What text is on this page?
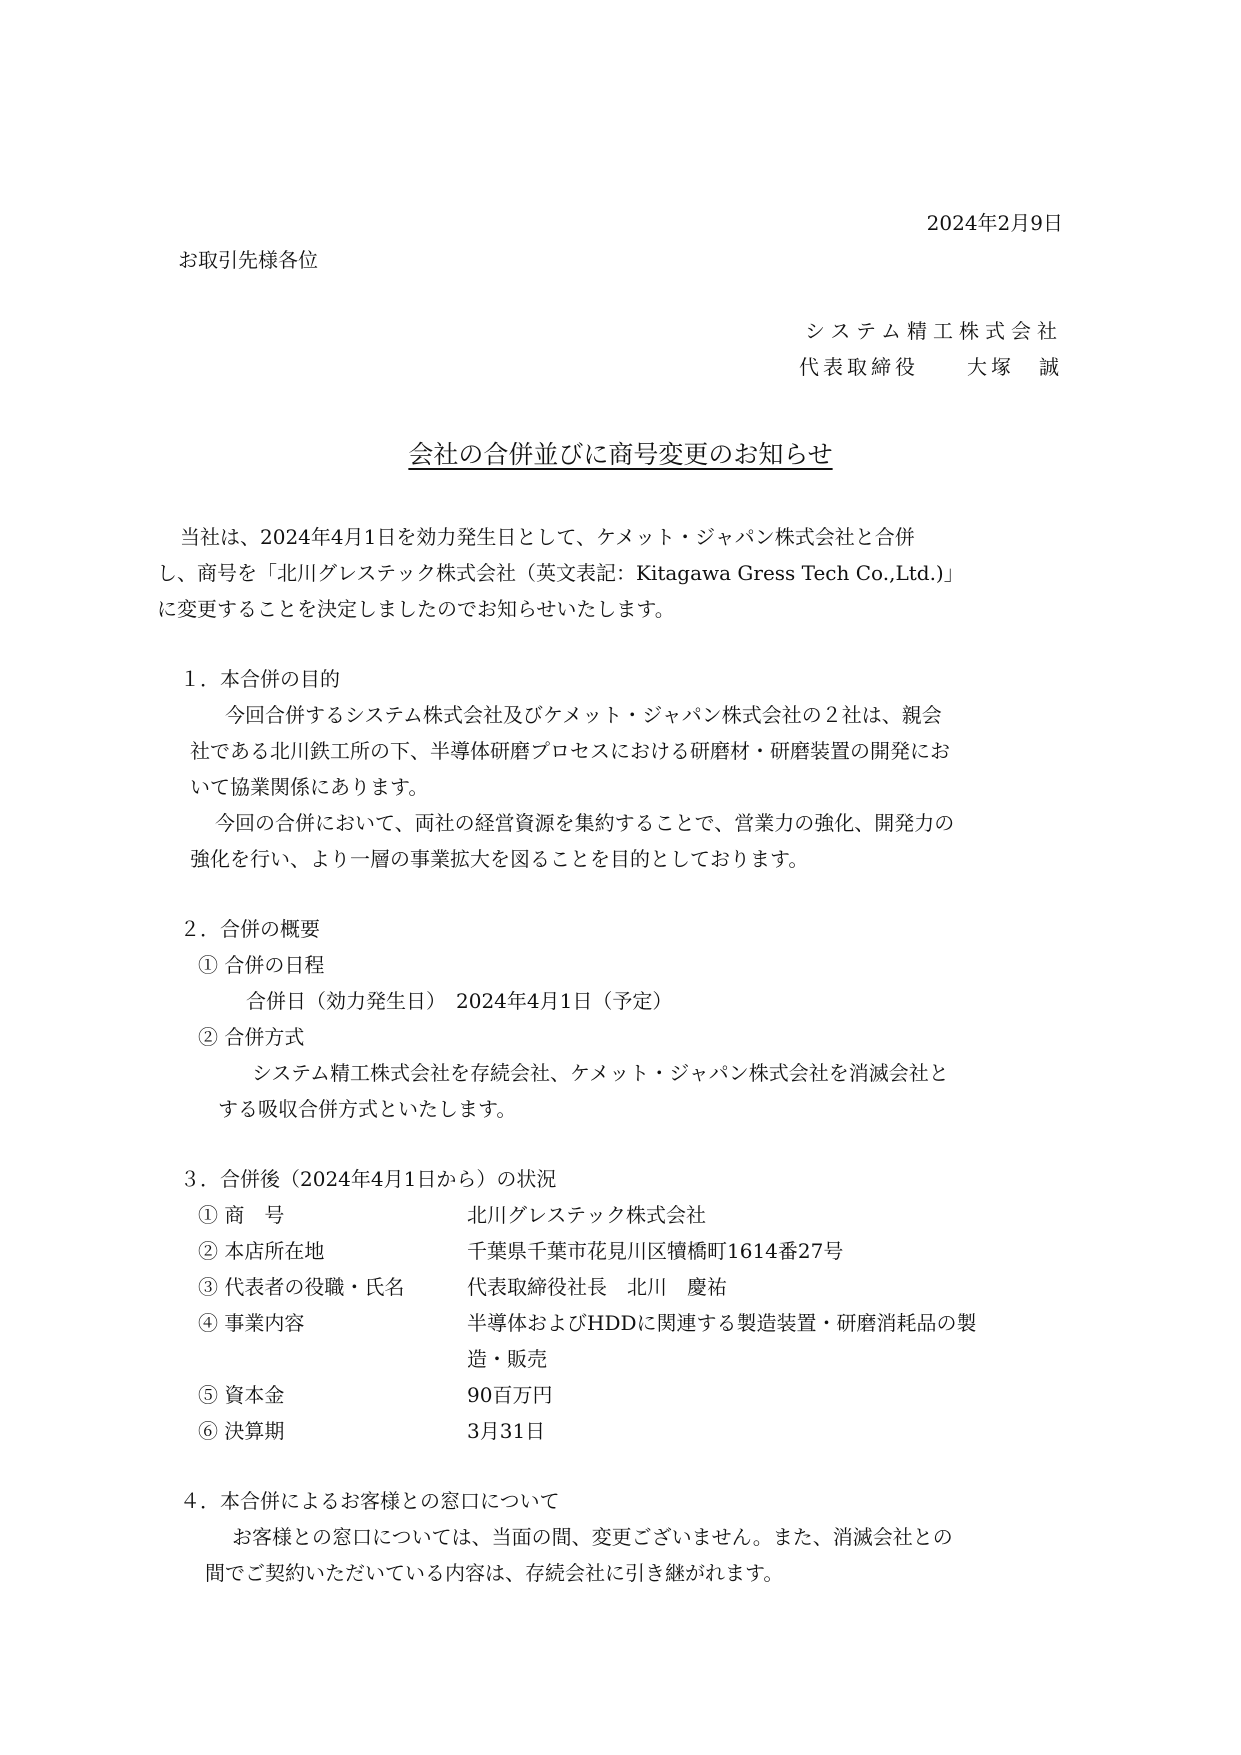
2024年2月9日
お取引先様各位
システム精工株式会社
代表取締役　　大塚　誠
会社の合併並びに商号変更のお知らせ
当社は、2024年4月1日を効力発生日として、ケメット・ジャパン株式会社と合併
し、商号を「北川グレステック株式会社（英文表記：Kitagawa Gress Tech Co.,Ltd.)」
に変更することを決定しましたのでお知らせいたします。
１．本合併の目的
今回合併するシステム株式会社及びケメット・ジャパン株式会社の２社は、親会
社である北川鉄工所の下、半導体研磨プロセスにおける研磨材・研磨装置の開発にお
いて協業関係にあります。
今回の合併において、両社の経営資源を集約することで、営業力の強化、開発力の
強化を行い、より一層の事業拡大を図ることを目的としております。
２．合併の概要
① 合併の日程
合併日（効力発生日）　2024年4月1日（予定）
② 合併方式
システム精工株式会社を存続会社、ケメット・ジャパン株式会社を消滅会社と
する吸収合併方式といたします。
３．合併後（2024年4月1日から）の状況
① 商　号	北川グレステック株式会社
② 本店所在地	千葉県千葉市花見川区犢橋町1614番27号
③ 代表者の役職・氏名	代表取締役社長　北川　慶祐
④ 事業内容	半導体およびHDDに関連する製造装置・研磨消耗品の製
造・販売
⑤ 資本金	90百万円
⑥ 決算期	3月31日
４．本合併によるお客様との窓口について
お客様との窓口については、当面の間、変更ございません。また、消滅会社との
間でご契約いただいている内容は、存続会社に引き継がれます。
